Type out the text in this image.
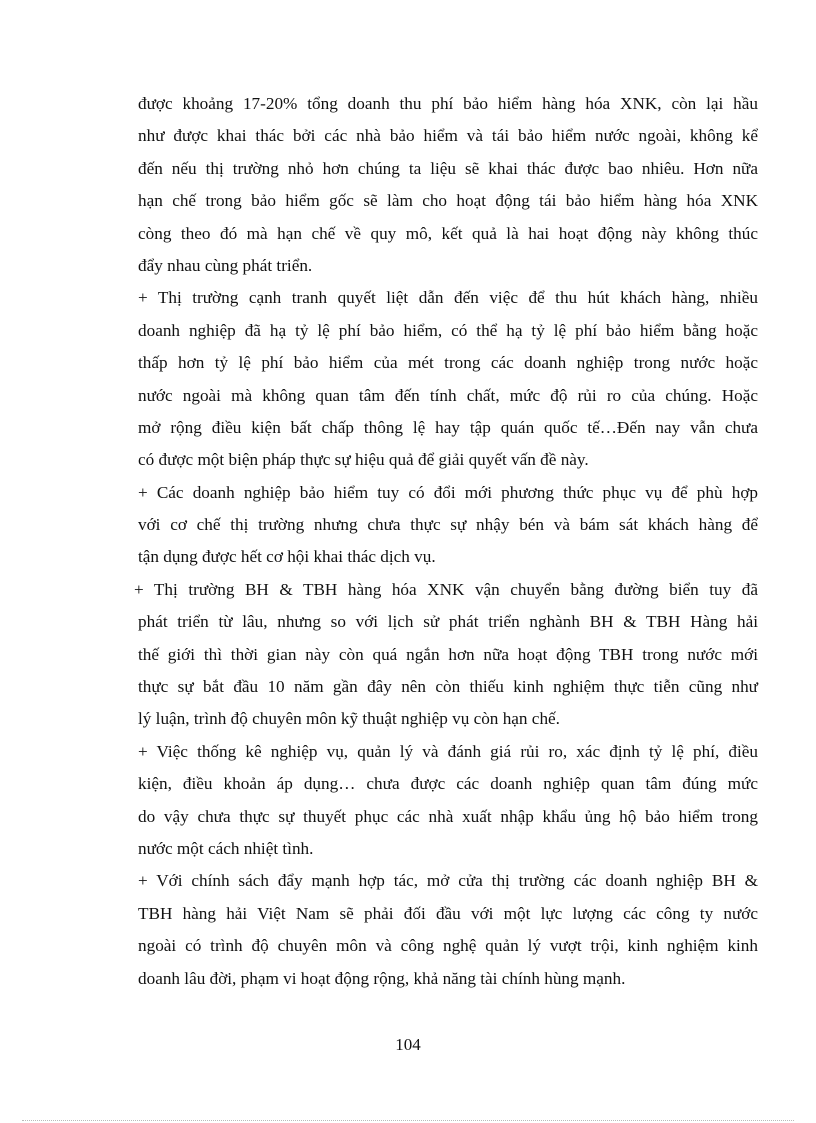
được khoảng 17-20% tổng doanh thu phí bảo hiểm hàng hóa XNK, còn lại hầu
như được khai thác bởi các nhà bảo hiểm và tái bảo hiểm nước ngoài, không kể
đến nếu thị trường nhỏ hơn chúng ta liệu sẽ khai thác được bao nhiêu. Hơn nữa
hạn chế trong bảo hiểm gốc sẽ làm cho hoạt động tái bảo hiểm hàng hóa XNK
còng theo đó mà hạn chế về quy mô, kết quả là hai hoạt động này không thúc
đẩy nhau cùng phát triển.
+ Thị trường cạnh tranh quyết liệt dẫn đến việc để thu hút khách hàng, nhiều
doanh nghiệp đã hạ tỷ lệ phí bảo hiểm, có thể hạ tỷ lệ phí bảo hiểm bằng hoặc
thấp hơn tỷ lệ phí bảo hiểm của mét trong các doanh nghiệp trong nước hoặc
nước ngoài mà không quan tâm đến tính chất, mức độ rủi ro của chúng. Hoặc
mở rộng điều kiện bất chấp thông lệ hay tập quán quốc tế…Đến nay vẫn chưa
có được một biện pháp thực sự hiệu quả để giải quyết vấn đề này.
+ Các doanh nghiệp bảo hiểm tuy có đổi mới phương thức phục vụ để phù hợp
với cơ chế thị trường nhưng chưa thực sự nhậy bén và bám sát khách hàng để
tận dụng được hết cơ hội khai thác dịch vụ.
+ Thị trường BH & TBH hàng hóa XNK vận chuyển bằng đường biển tuy đã
phát triển từ lâu, nhưng so với lịch sử phát triển nghành BH & TBH Hàng hải
thế giới thì thời gian này còn quá ngắn hơn nữa hoạt động TBH trong nước mới
thực sự bắt đầu 10 năm gần đây nên còn thiếu kinh nghiệm thực tiễn cũng như
lý luận, trình độ chuyên môn kỹ thuật nghiệp vụ còn hạn chế.
+ Việc thống kê nghiệp vụ, quản lý và đánh giá rủi ro, xác định tỷ lệ phí, điều
kiện, điều khoản áp dụng… chưa được các doanh nghiệp quan tâm đúng mức
do vậy chưa thực sự thuyết phục các nhà xuất nhập khẩu ủng hộ bảo hiểm trong
nước một cách nhiệt tình.
+ Với chính sách đẩy mạnh hợp tác, mở cửa thị trường các doanh nghiệp BH &
TBH hàng hải Việt Nam sẽ phải đối đầu với một lực lượng các công ty nước
ngoài có trình độ chuyên môn và công nghệ quản lý vượt trội, kinh nghiệm kinh
doanh lâu đời, phạm vi hoạt động rộng, khả năng tài chính hùng mạnh.
104
